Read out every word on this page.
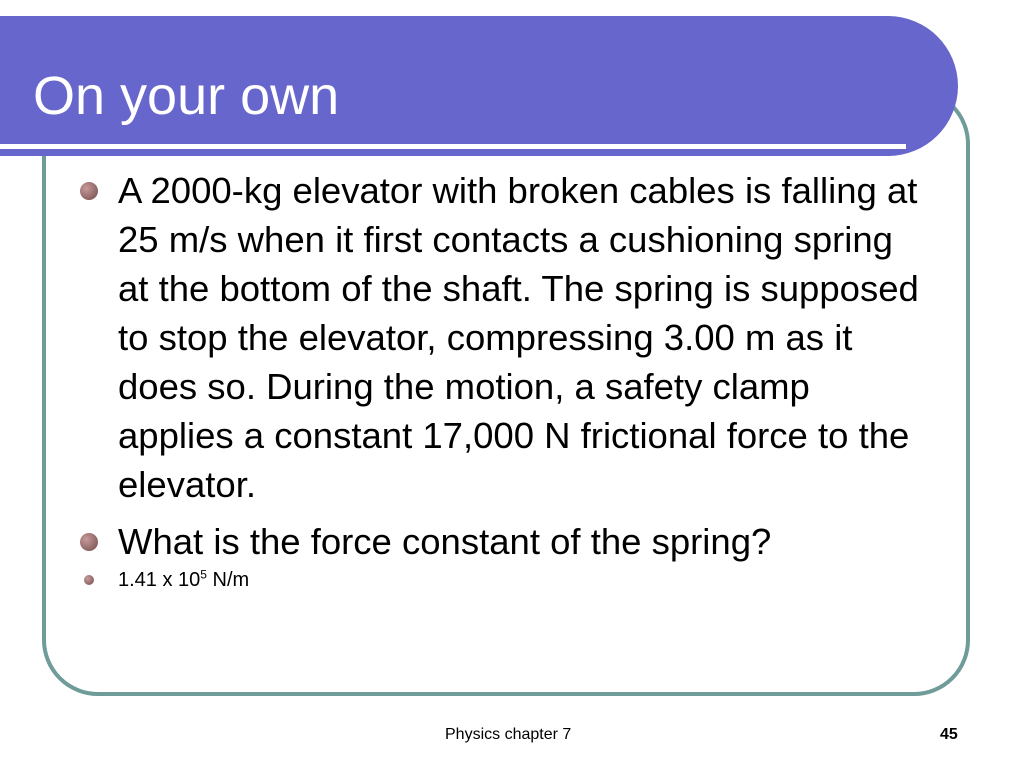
On your own
A 2000-kg elevator with broken cables is falling at 25 m/s when it first contacts a cushioning spring at the bottom of the shaft. The spring is supposed to stop the elevator, compressing 3.00 m as it does so. During the motion, a safety clamp applies a constant 17,000 N frictional force to the elevator.
What is the force constant of the spring?
1.41 x $10^5$ N/m
Physics chapter 7	45
